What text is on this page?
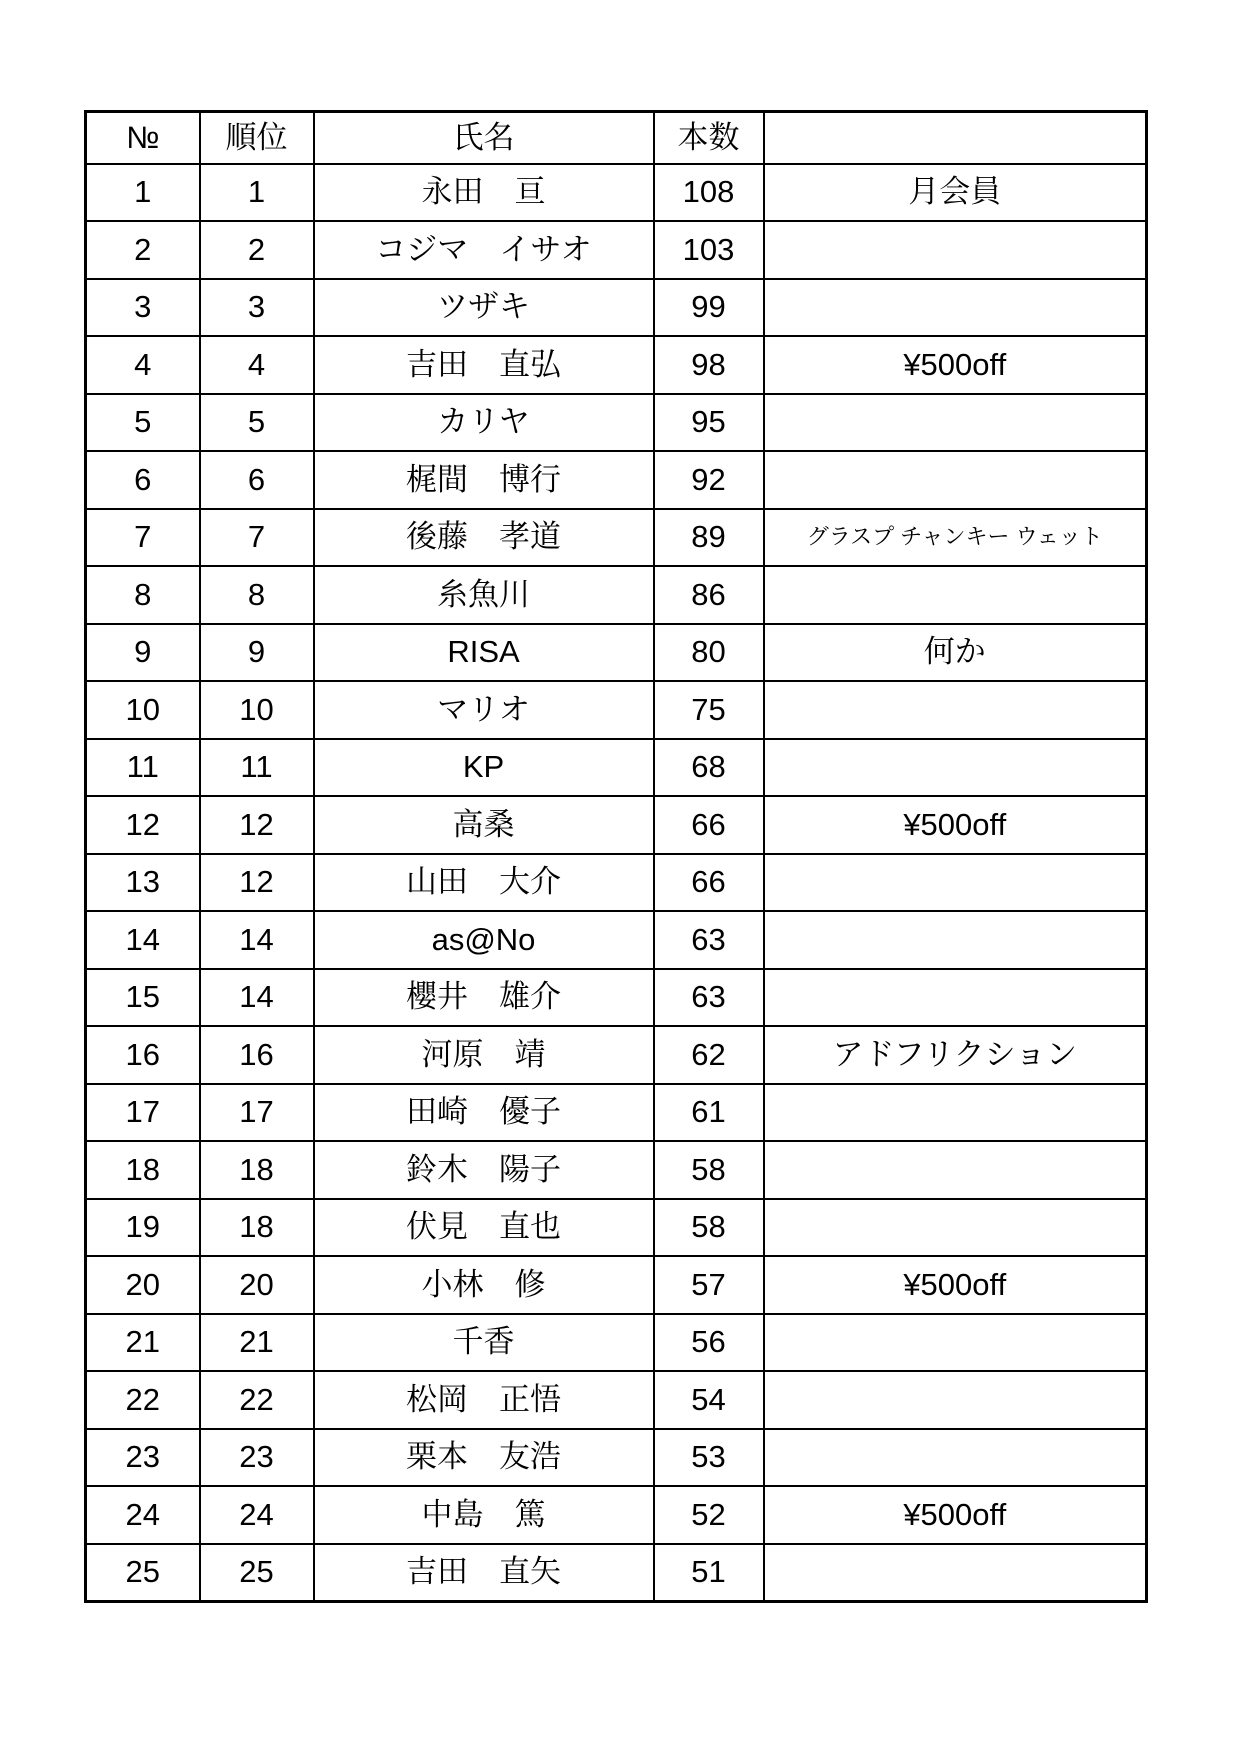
№	順位	氏名	本数	
1	1	永田　亘	108	月会員
2	2	コジマ　イサオ	103	
3	3	ツザキ	99	
4	4	吉田　直弘	98	¥500off
5	5	カリヤ	95	
6	6	梶間　博行	92	
7	7	後藤　孝道	89	グラスプ チャンキー ウェット
8	8	糸魚川	86	
9	9	RISA	80	何か
10	10	マリオ	75	
11	11	KP	68	
12	12	高桑	66	¥500off
13	12	山田　大介	66	
14	14	as@No	63	
15	14	櫻井　雄介	63	
16	16	河原　靖	62	アドフリクション
17	17	田崎　優子	61	
18	18	鈴木　陽子	58	
19	18	伏見　直也	58	
20	20	小林　修	57	¥500off
21	21	千香	56	
22	22	松岡　正悟	54	
23	23	栗本　友浩	53	
24	24	中島　篤	52	¥500off
25	25	吉田　直矢	51	
